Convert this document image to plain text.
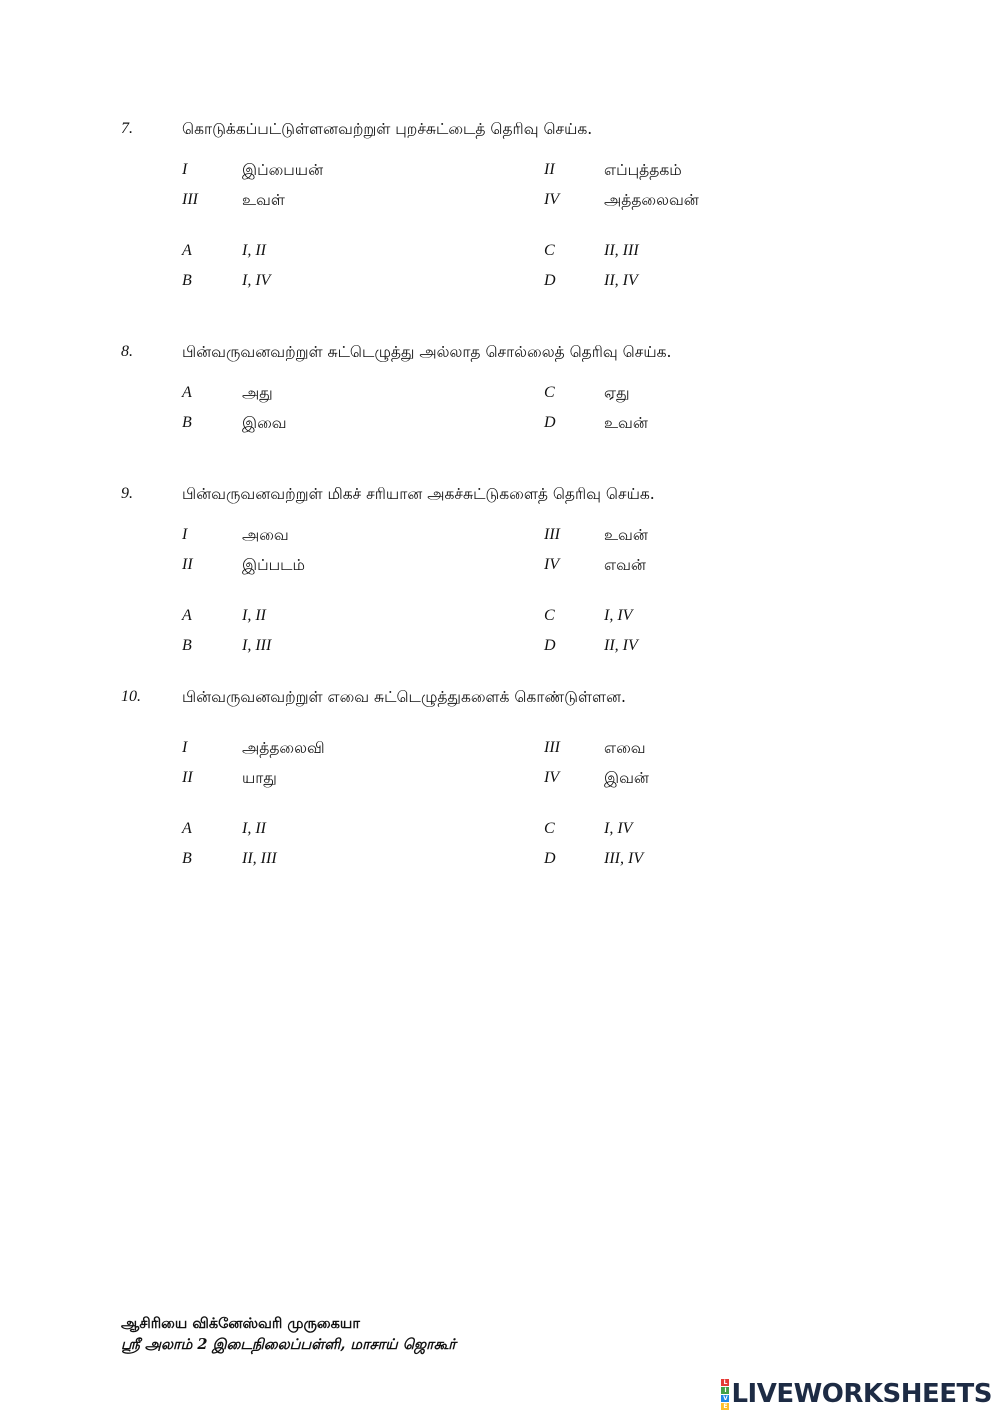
7.	கொடுக்கப்பட்டுள்ளனவற்றுள் புறச்சுட்டைத் தெரிவு செய்க.
I	இப்பையன்	II	எப்புத்தகம்
III	உவள்	IV	அத்தலைவன்
A	I, II	C	II, III
B	I, IV	D	II, IV
8.	பின்வருவனவற்றுள் சுட்டெழுத்து அல்லாத சொல்லைத் தெரிவு செய்க.
A	அது	C	ஏது
B	இவை	D	உவன்
9.	பின்வருவனவற்றுள் மிகச் சரியான அகச்சுட்டுகளைத் தெரிவு செய்க.
I	அவை	III	உவன்
II	இப்படம்	IV	எவன்
A	I, II	C	I, IV
B	I, III	D	II, IV
10.	பின்வருவனவற்றுள் எவை சுட்டெழுத்துகளைக் கொண்டுள்ளன.
I	அத்தலைவி	III	எவை
II	யாது	IV	இவன்
A	I, II	C	I, IV
B	II, III	D	III, IV
ஆசிரியை விக்னேஸ்வரி முருகையா
ஸ்ரீ அலாம் 2 இடைநிலைப்பள்ளி, மாசாய் ஜொகூர்
L
I
V
E LIVEWORKSHEETS
